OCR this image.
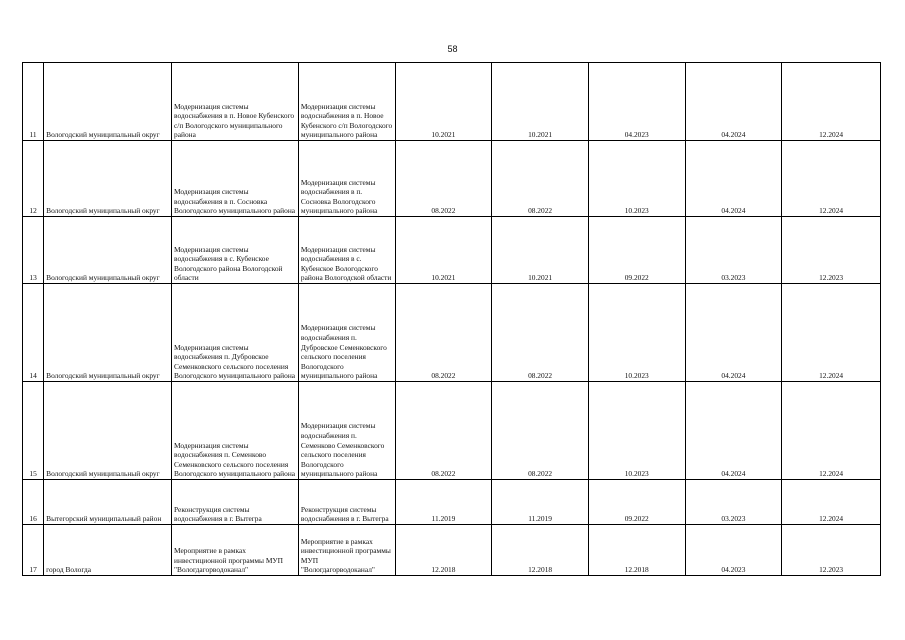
58
11	Вологодский муниципальный округ	Модернизация системы водоснабжения в п. Новое Кубенского с/п Вологодского муниципального района	Модернизация системы водоснабжения в п. Новое Кубенского с/п Вологодского муниципального района	10.2021	10.2021	04.2023	04.2024	12.2024
12	Вологодский муниципальный округ	Модернизация системы водоснабжения в п. Сосновка Вологодского муниципального района	Модернизация системы водоснабжения в п. Сосновка Вологодского муниципального района	08.2022	08.2022	10.2023	04.2024	12.2024
13	Вологодский муниципальный округ	Модернизация системы водоснабжения в с. Кубенское Вологодского района Вологодской области	Модернизация системы водоснабжения в с. Кубенское Вологодского района Вологодской области	10.2021	10.2021	09.2022	03.2023	12.2023
14	Вологодский муниципальный округ	Модернизация системы водоснабжения п. Дубровское Семенковского сельского поселения Вологодского муниципального района	Модернизация системы водоснабжения п. Дубровское Семенковского сельского поселения Вологодского муниципального района	08.2022	08.2022	10.2023	04.2024	12.2024
15	Вологодский муниципальный округ	Модернизация системы водоснабжения п. Семенково Семенковского сельского поселения Вологодского муниципального района	Модернизация системы водоснабжения п. Семенково Семенковского сельского поселения Вологодского муниципального района	08.2022	08.2022	10.2023	04.2024	12.2024
16	Вытегорский муниципальный район	Реконструкция системы водоснабжения в г. Вытегра	Реконструкция системы водоснабжения в г. Вытегра	11.2019	11.2019	09.2022	03.2023	12.2024
17	город Вологда	Мероприятие в рамках инвестиционной программы МУП "Вологдагорводоканал"	Мероприятие в рамках инвестиционной программы МУП "Вологдагорводоканал"	12.2018	12.2018	12.2018	04.2023	12.2023
